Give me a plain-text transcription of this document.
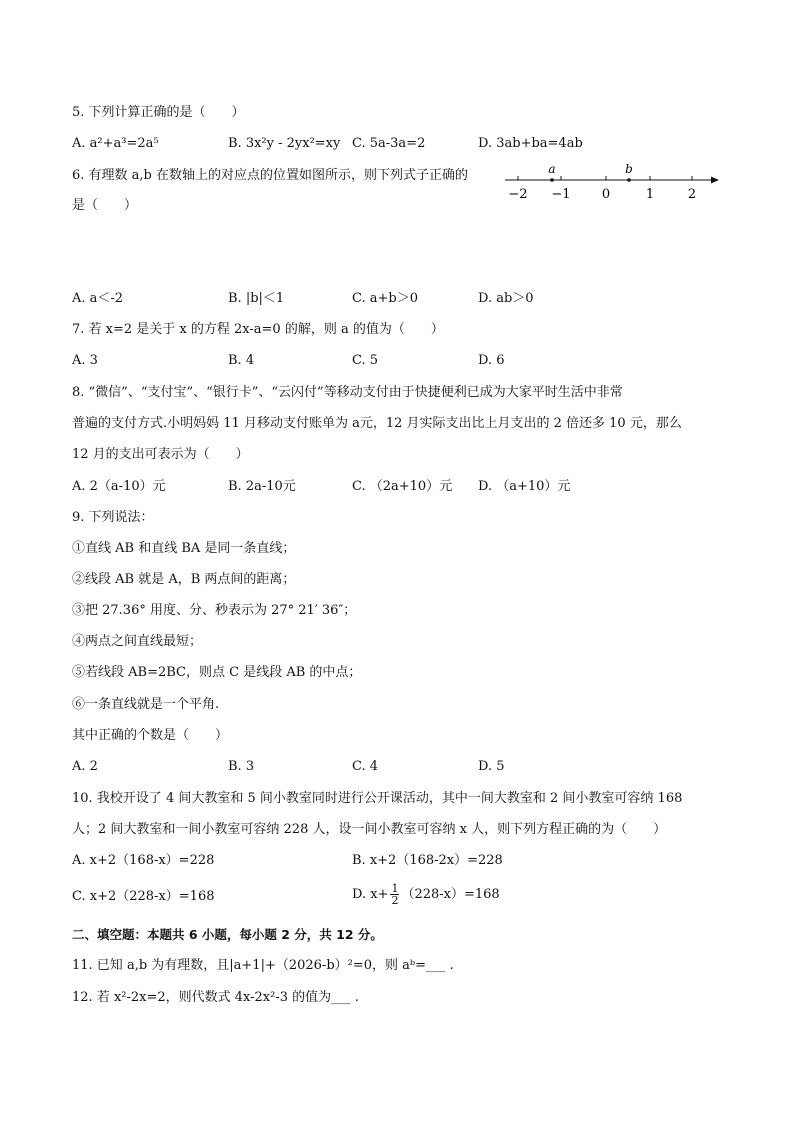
5. 下列计算正确的是（　　）
A. a²+a³=2a⁵	B. 3x²y - 2yx²=xy C. 5a-3a=2	D. 3ab+ba=4ab
6. 有理数 a,b 在数轴上的对应点的位置如图所示，则下列式子正确的
是（　　）
−2 −1 0	1	2
a	b
A. a＜-2	B. |b|＜1	C. a+b＞0	D. ab＞0
7. 若 x=2 是关于 x 的方程 2x-a=0 的解，则 a 的值为（　　）
A. 3	B. 4	C. 5	D. 6
8. “微信”、“支付宝”、“银行卡”、“云闪付”等移动支付由于快捷便利已成为大家平时生活中非常
普遍的支付方式.小明妈妈 11 月移动支付账单为 a元，12 月实际支出比上月支出的 2 倍还多 10 元，那么
12 月的支出可表示为（　　）
A. 2（a-10）元	B. 2a-10元	C. （2a+10）元 D. （a+10）元
9. 下列说法：
①直线 AB 和直线 BA 是同一条直线；
②线段 AB 就是 A，B 两点间的距离；
③把 27.36° 用度、分、秒表示为 27° 21′ 36″；
④两点之间直线最短；
⑤若线段 AB=2BC，则点 C 是线段 AB 的中点；
⑥一条直线就是一个平角.
其中正确的个数是（　　）
A. 2	B. 3	C. 4	D. 5
10. 我校开设了 4 间大教室和 5 间小教室同时进行公开课活动，其中一间大教室和 2 间小教室可容纳 168
人；2 间大教室和一间小教室可容纳 228 人，设一间小教室可容纳 x 人，则下列方程正确的为（　　）
A. x+2（168-x）=228	B. x+2（168-2x）=228
C. x+2（228-x）=168	D. $x+ \frac{1}{2} (228-x)=168$
二、填空题：本题共 6 小题，每小题 2 分，共 12 分。
11. 已知 a,b 为有理数，且|a+1|+（2026-b）²=0，则 aᵇ=___ .
12. 若 x²-2x=2，则代数式 4x-2x²-3 的值为___ .
